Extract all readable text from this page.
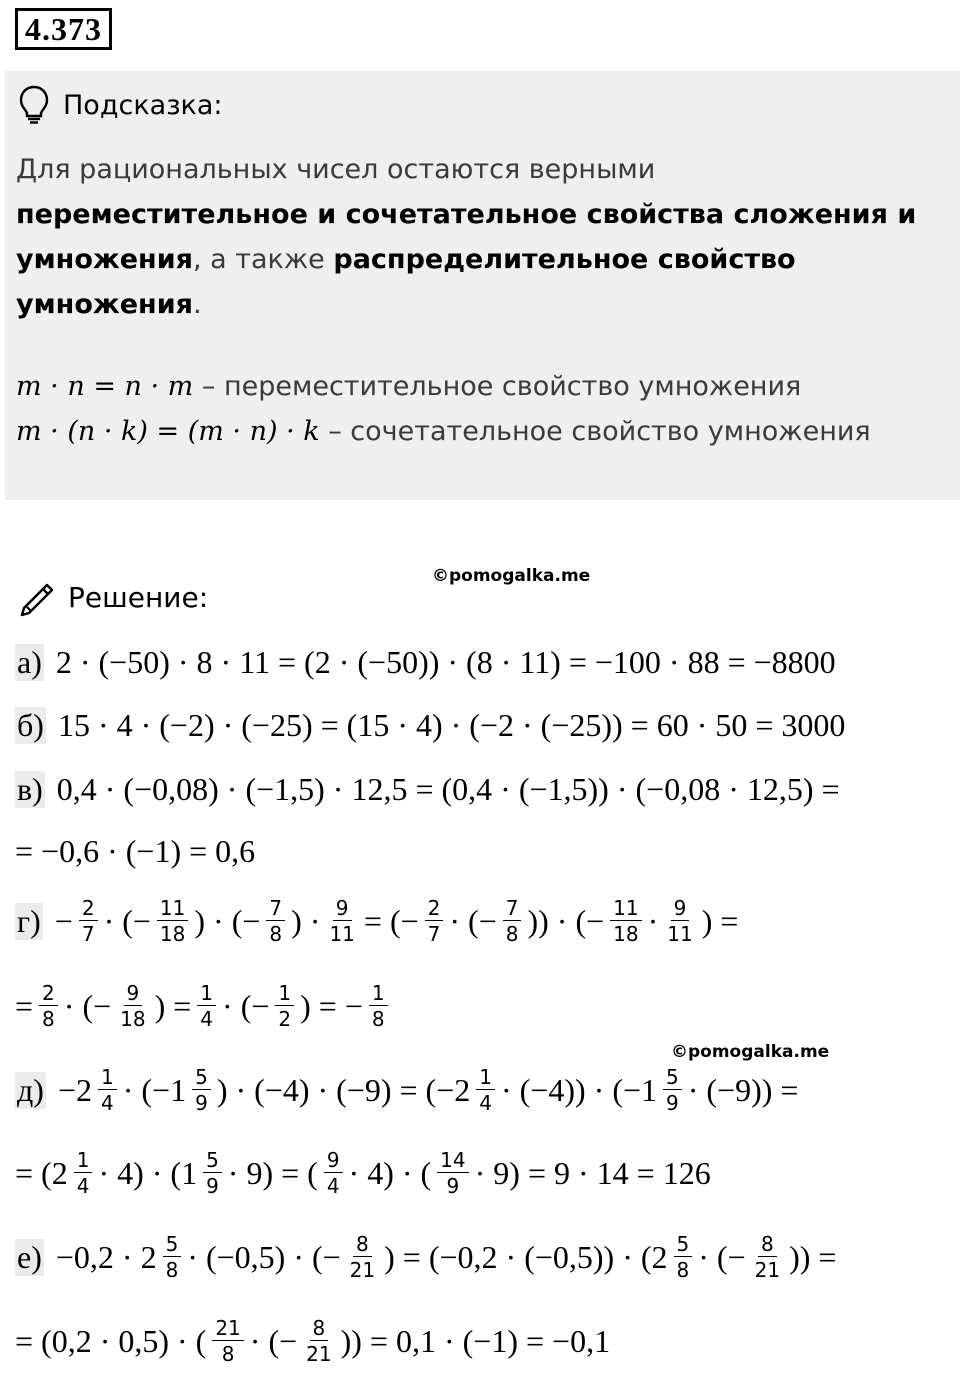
4.373
Подсказка:
Для рациональных чисел остаются верными переместительное и сочетательное свойства сложения и умножения, а также распределительное свойство умножения.
m · n = n · m – переместительное свойство умножения
m · (n · k) = (m · n) · k – сочетательное свойство умножения
©pomogalka.me
Решение:
а) 2 · (−50) · 8 · 11 = (2 · (−50)) · (8 · 11) = −100 · 88 = −8800
б) 15 · 4 · (−2) · (−25) = (15 · 4) · (−2 · (−25)) = 60 · 50 = 3000
в) 0,4 · (−0,08) · (−1,5) · 12,5 = (0,4 · (−1,5)) · (−0,08 · 12,5) =
= −0,6 · (−1) = 0,6
$г) - \frac{2}{7}$ · (− $\frac{11}{18}$ ) · (− $\frac{7}{8}$ ) · $\frac{9}{11}$ = (− $\frac{2}{7}$ · (− $\frac{7}{8}$ )) · (− $\frac{11}{18} \cdot \frac{9}{11}$ ) =
= $\frac{2}{8}$ · (− $\frac{9}{18}$ ) = $\frac{1}{4}$ · (− $\frac{1}{2}$ ) = − $\frac{1}{8}$
©pomogalka.me
$д) -2 \frac{1}{4} \cdot (-1 \frac{5}{9}$ ) · $(-4) \cdot (-9) = (-2 \frac{1}{4} \cdot (-4)) \cdot (-1 \frac{5}{9} \cdot (-9))$ =
= $(2 \frac{1}{4} \cdot 4) \cdot (1 \frac{5}{9} \cdot 9)$ = ( $\frac{9}{4} \cdot 4$) · ( $\frac{14}{9} \cdot 9) = 9 \cdot 14 = 126$
$е) -0,2 \cdot 2 \frac{5}{8} \cdot (-0,5)$ · (− $\frac{8}{21}$ ) = $(-0,2 \cdot (-0,5)) \cdot (2 \frac{5}{8}$ · (− $\frac{8}{21}$ )) =
= (0,2 · 0,5) · ( $\frac{21}{8}$ · (− $\frac{8}{21}$ )) = 0,1 · (−1) = −0,1
